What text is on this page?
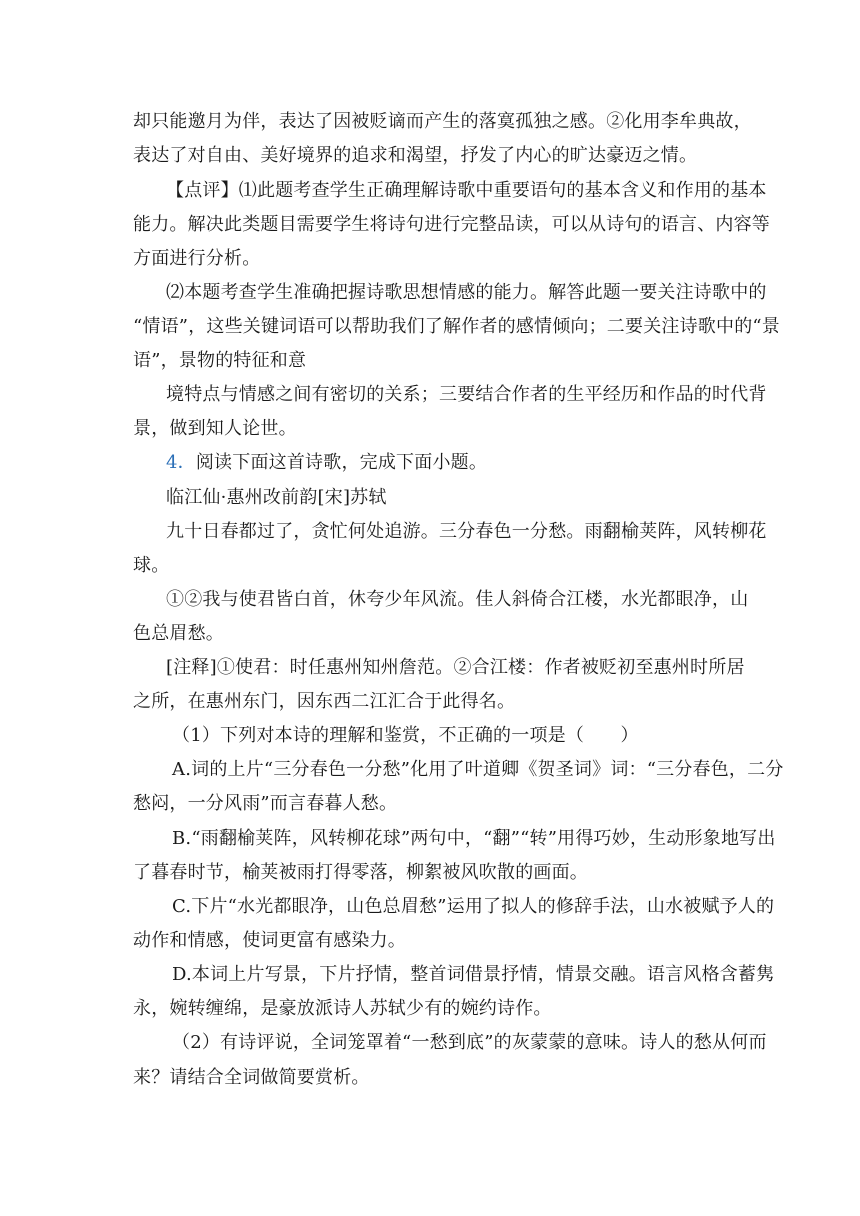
却只能邀月为伴，表达了因被贬谪而产生的落寞孤独之感。②化用李牟典故，
表达了对自由、美好境界的追求和渴望，抒发了内心的旷达豪迈之情。
【点评】⑴此题考查学生正确理解诗歌中重要语句的基本含义和作用的基本
能力。解决此类题目需要学生将诗句进行完整品读，可以从诗句的语言、内容等
方面进行分析。
⑵本题考查学生准确把握诗歌思想情感的能力。解答此题一要关注诗歌中的
“情语”，这些关键词语可以帮助我们了解作者的感情倾向；二要关注诗歌中的“景
语”，景物的特征和意
境特点与情感之间有密切的关系；三要结合作者的生平经历和作品的时代背
景，做到知人论世。
4．阅读下面这首诗歌，完成下面小题。
临江仙·惠州改前韵[宋]苏轼
九十日春都过了，贪忙何处追游。三分春色一分愁。雨翻榆荚阵，风转柳花
球。
①②我与使君皆白首，休夸少年风流。佳人斜倚合江楼，水光都眼净，山
色总眉愁。
[注释]①使君：时任惠州知州詹范。②合江楼：作者被贬初至惠州时所居
之所，在惠州东门，因东西二江汇合于此得名。
（1）下列对本诗的理解和鉴赏，不正确的一项是（　　）
A.词的上片“三分春色一分愁”化用了叶道卿《贺圣词》词：“三分春色，二分
愁闷，一分风雨”而言春暮人愁。
B.“雨翻榆荚阵，风转柳花球”两句中，“翻”“转”用得巧妙，生动形象地写出
了暮春时节，榆荚被雨打得零落，柳絮被风吹散的画面。
C.下片“水光都眼净，山色总眉愁”运用了拟人的修辞手法，山水被赋予人的
动作和情感，使词更富有感染力。
D.本词上片写景，下片抒情，整首词借景抒情，情景交融。语言风格含蓄隽
永，婉转缠绵，是豪放派诗人苏轼少有的婉约诗作。
（2）有诗评说，全词笼罩着“一愁到底”的灰蒙蒙的意味。诗人的愁从何而
来？请结合全词做简要赏析。
